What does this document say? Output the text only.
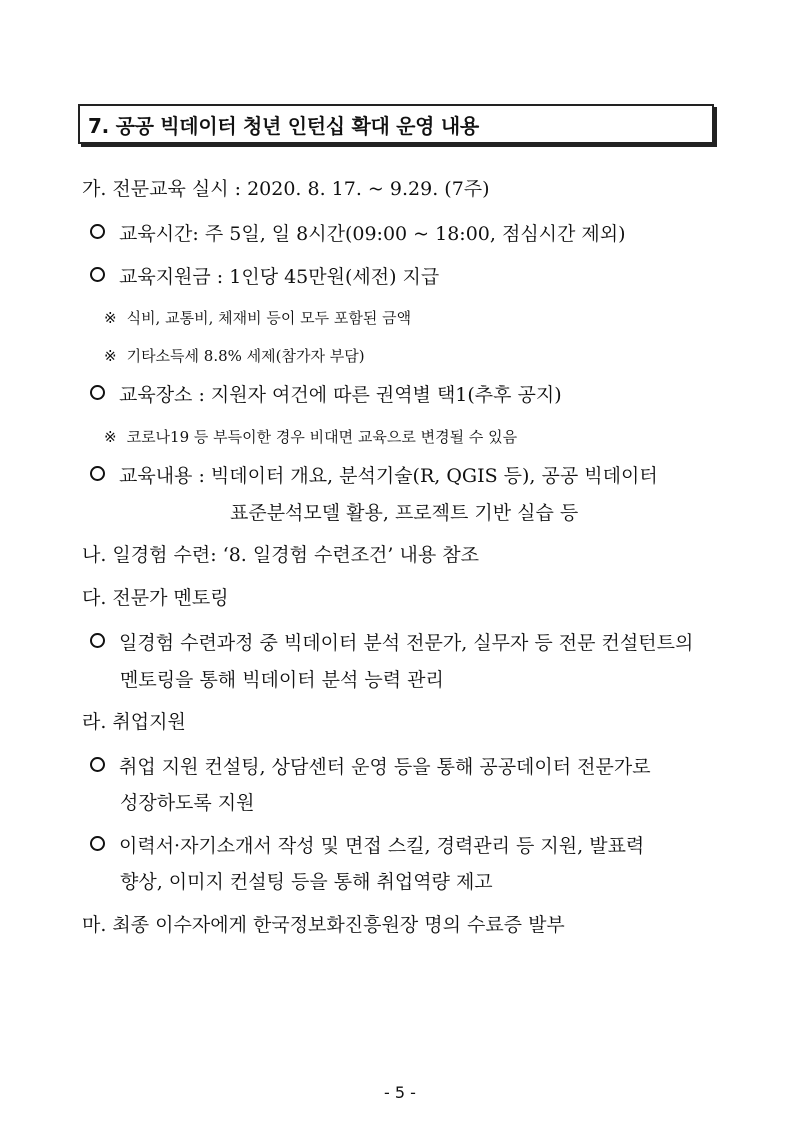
7. 공공 빅데이터 청년 인턴십 확대 운영 내용
가. 전문교육 실시 : 2020. 8. 17. ~ 9.29. (7주)
교육시간: 주 5일, 일 8시간(09:00 ~ 18:00, 점심시간 제외)
교육지원금 : 1인당 45만원(세전) 지급
※ 식비, 교통비, 체재비 등이 모두 포함된 금액
※ 기타소득세 8.8% 세제(참가자 부담)
교육장소 : 지원자 여건에 따른 권역별 택1(추후 공지)
※ 코로나19 등 부득이한 경우 비대면 교육으로 변경될 수 있음
교육내용 : 빅데이터 개요, 분석기술(R, QGIS 등), 공공 빅데이터
표준분석모델 활용, 프로젝트 기반 실습 등
나. 일경험 수련: ‘8. 일경험 수련조건’ 내용 참조
다. 전문가 멘토링
일경험 수련과정 중 빅데이터 분석 전문가, 실무자 등 전문 컨설턴트의
멘토링을 통해 빅데이터 분석 능력 관리
라. 취업지원
취업 지원 컨설팅, 상담센터 운영 등을 통해 공공데이터 전문가로
성장하도록 지원
이력서·자기소개서 작성 및 면접 스킬, 경력관리 등 지원, 발표력
향상, 이미지 컨설팅 등을 통해 취업역량 제고
마. 최종 이수자에게 한국정보화진흥원장 명의 수료증 발부
- 5 -
